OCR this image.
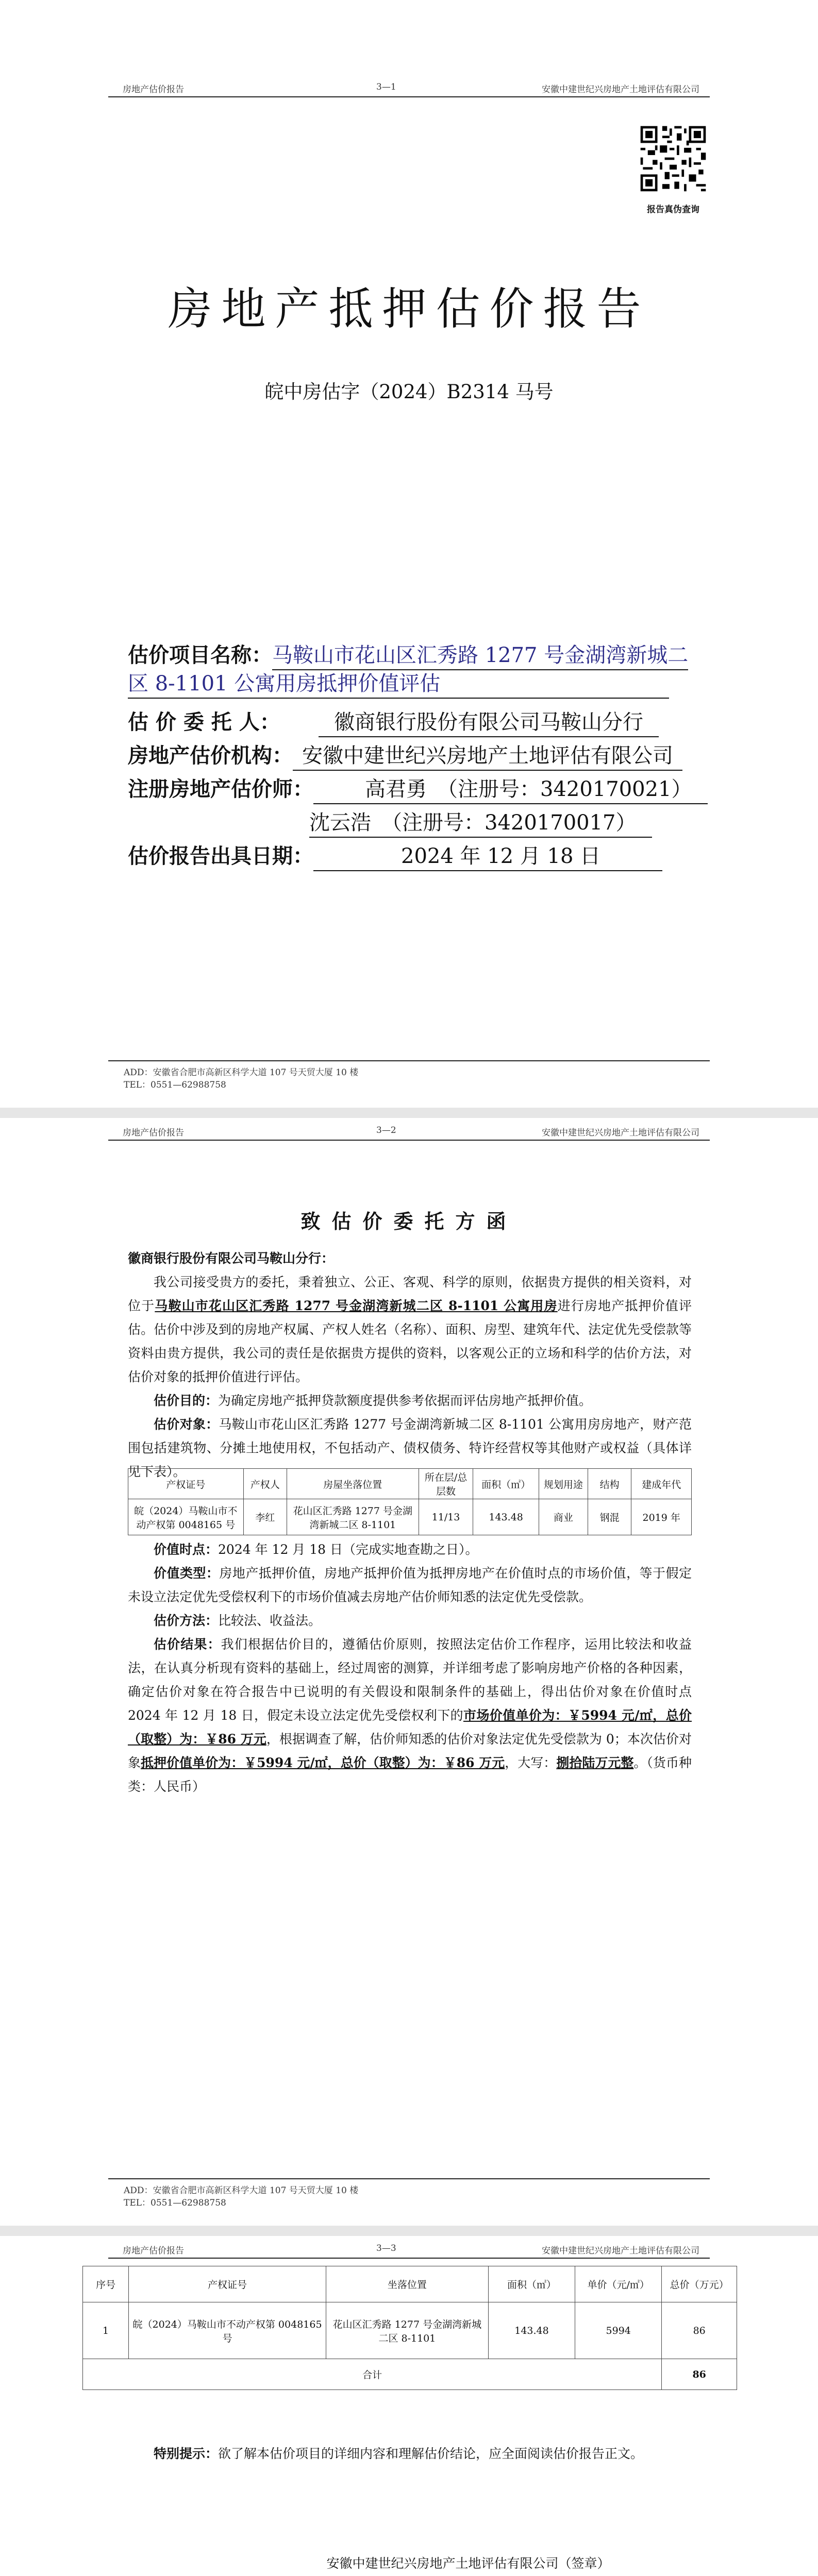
房地产估价报告	3—1	安徽中建世纪兴房地产土地评估有限公司
报告真伪查询
房地产抵押估价报告
皖中房估字（2024）B2314 马号
估价项目名称：马鞍山市花山区汇秀路 1277 号金湖湾新城二
区 8-1101 公寓用房抵押价值评估
估 价 委 托 人：	徽商银行股份有限公司马鞍山分行
房地产估价机构： 安徽中建世纪兴房地产土地评估有限公司
注册房地产估价师：	高君勇　（注册号：3420170021）
沈云浩　（注册号：3420170017）
估价报告出具日期：	2024 年 12 月 18 日
ADD：安徽省合肥市高新区科学大道 107 号天贸大厦 10 楼
TEL：0551—62988758
房地产估价报告	3—2	安徽中建世纪兴房地产土地评估有限公司
致估价委托方函
徽商银行股份有限公司马鞍山分行：
我公司接受贵方的委托，秉着独立、公正、客观、科学的原则，依据贵方提供的相关资料，对位于马鞍山市花山区汇秀路 1277 号金湖湾新城二区 8-1101 公寓用房进行房地产抵押价值评估。估价中涉及到的房地产权属、产权人姓名（名称）、面积、房型、建筑年代、法定优先受偿款等资料由贵方提供，我公司的责任是依据贵方提供的资料，以客观公正的立场和科学的估价方法，对估价对象的抵押价值进行评估。
估价目的：为确定房地产抵押贷款额度提供参考依据而评估房地产抵押价值。
估价对象：马鞍山市花山区汇秀路 1277 号金湖湾新城二区 8-1101 公寓用房房地产，财产范围包括建筑物、分摊土地使用权，不包括动产、债权债务、特许经营权等其他财产或权益（具体详见下表）。
产权证号	产权人	房屋坐落位置	所在层/总层数	面积（㎡）	规划用途	结构	建成年代
皖（2024）马鞍山市不动产权第 0048165 号	李红	花山区汇秀路 1277 号金湖湾新城二区 8-1101	11/13	143.48	商业	钢混	2019 年
价值时点：2024 年 12 月 18 日（完成实地查勘之日）。
价值类型：房地产抵押价值，房地产抵押价值为抵押房地产在价值时点的市场价值，等于假定未设立法定优先受偿权利下的市场价值减去房地产估价师知悉的法定优先受偿款。
估价方法：比较法、收益法。
估价结果：我们根据估价目的，遵循估价原则，按照法定估价工作程序，运用比较法和收益法，在认真分析现有资料的基础上，经过周密的测算，并详细考虑了影响房地产价格的各种因素，确定估价对象在符合报告中已说明的有关假设和限制条件的基础上，得出估价对象在价值时点 2024 年 12 月 18 日，假定未设立法定优先受偿权利下的市场价值单价为：￥5994 元/㎡，总价（取整）为：￥86 万元，根据调查了解，估价师知悉的估价对象法定优先受偿款为 0；本次估价对象抵押价值单价为：￥5994 元/㎡，总价（取整）为：￥86 万元，大写：捌拾陆万元整。（货币种类：人民币）
ADD：安徽省合肥市高新区科学大道 107 号天贸大厦 10 楼
TEL：0551—62988758
房地产估价报告	3—3	安徽中建世纪兴房地产土地评估有限公司
序号	产权证号	坐落位置	面积（㎡）	单价（元/㎡）	总价（万元）
1	皖（2024）马鞍山市不动产权第 0048165 号	花山区汇秀路 1277 号金湖湾新城二区 8-1101	143.48	5994	86
合计					86
特别提示：欲了解本估价项目的详细内容和理解估价结论，应全面阅读估价报告正文。
安徽中建世纪兴房地产土地评估有限公司（签章）
